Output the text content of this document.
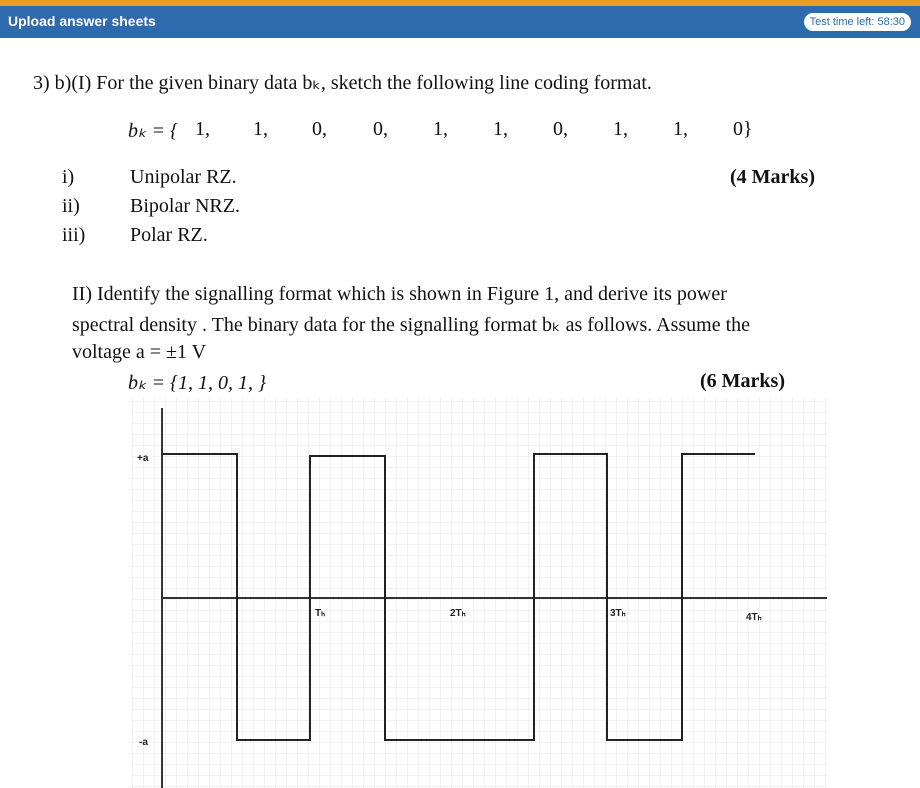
Upload answer sheets	Test time left: 58:30
3) b)(I) For the given binary data bₖ, sketch the following line coding format.
bₖ = { 1, 1, 0, 0, 1, 1, 0, 1, 1, 0}
i)	Unipolar RZ.	(4 Marks)
ii)	Bipolar NRZ.
iii) Polar RZ.
II) Identify the signalling format which is shown in Figure 1, and derive its power
spectral density . The binary data for the signalling format bₖ as follows. Assume the
voltage a = ±1 V
bₖ = {1, 1, 0, 1, }	(6 Marks)
+a
-a
Tₕ	2Tₕ	3Tₕ	4Tₕ
